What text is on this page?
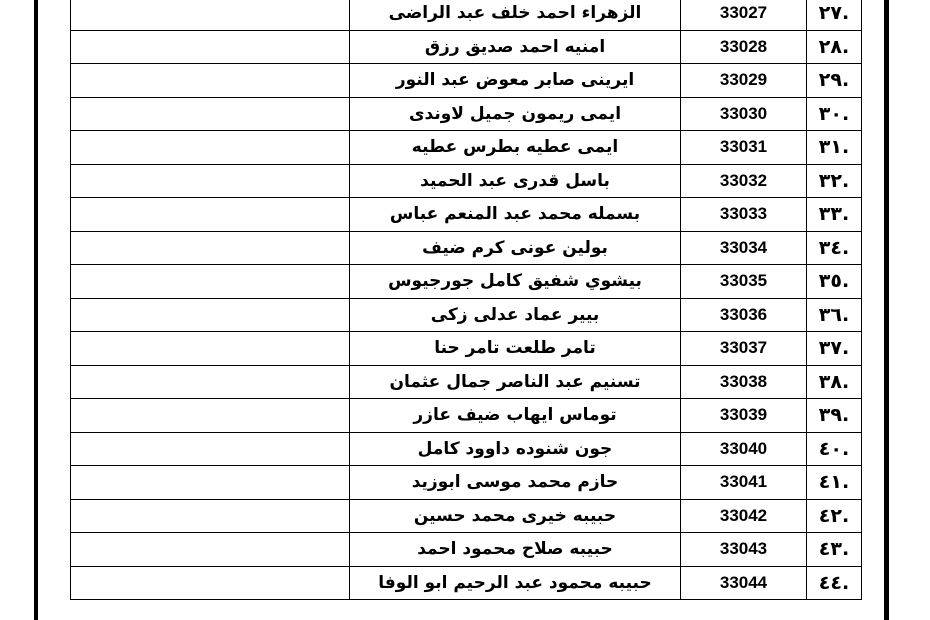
.٢٧	33027	الزهراء احمد خلف عبد الراضى	
.٢٨	33028	امنيه احمد صديق رزق	
.٢٩	33029	ايرينى صابر معوض عبد النور	
.٣٠	33030	ايمى ريمون جميل لاوندى	
.٣١	33031	ايمى عطيه بطرس عطيه	
.٣٢	33032	باسل قدرى عبد الحميد	
.٣٣	33033	بسمله محمد عبد المنعم عباس	
.٣٤	33034	بولين عونى كرم ضيف	
.٣٥	33035	بيشوي شفيق كامل جورجيوس	
.٣٦	33036	بيير عماد عدلى زكى	
.٣٧	33037	تامر طلعت تامر حنا	
.٣٨	33038	تسنيم عبد الناصر جمال عثمان	
.٣٩	33039	توماس ايهاب ضيف عازر	
.٤٠	33040	جون شنوده داوود كامل	
.٤١	33041	حازم محمد موسى ابوزيد	
.٤٢	33042	حبيبه خيرى محمد حسين	
.٤٣	33043	حبيبه صلاح محمود احمد	
.٤٤	33044	حبيبه محمود عبد الرحيم ابو الوفا	
